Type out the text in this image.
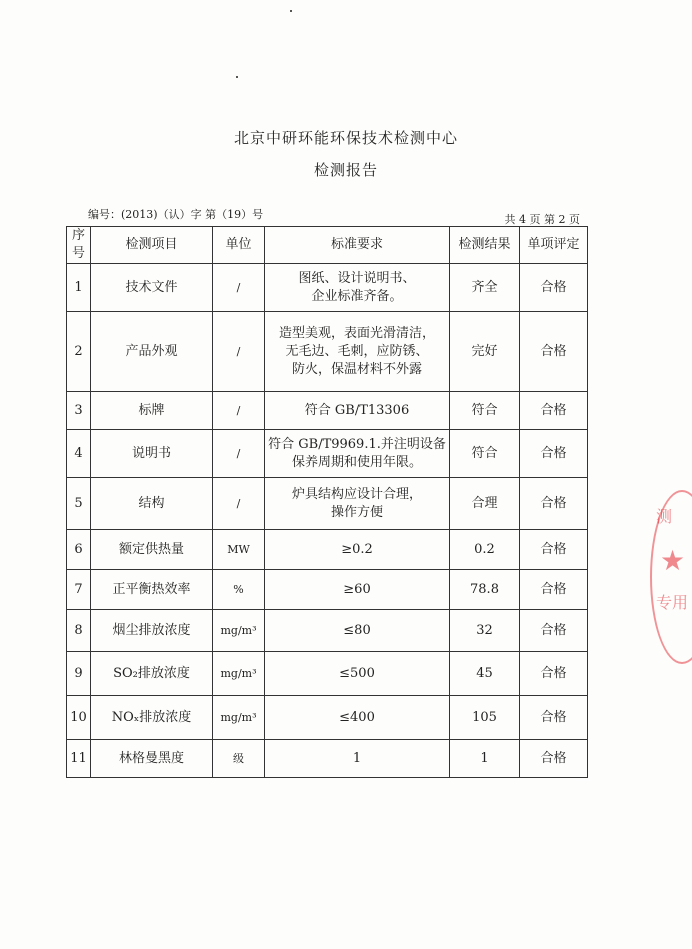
北京中研环能环保技术检测中心
检测报告
编号：(2013)（认）字 第（19）号	共 4 页 第 2 页
序号	检测项目	单位	标准要求	检测结果	单项评定
1	技术文件	/	图纸、设计说明书、
企业标准齐备。	齐全	合格
2	产品外观	/	造型美观，表面光滑清洁，
无毛边、毛刺，应防锈、
防火，保温材料不外露	完好	合格
3	标牌	/	符合 GB/T13306	符合	合格
4	说明书	/	符合 GB/T9969.1.并注明设备
保养周期和使用年限。	符合	合格
5	结构	/	炉具结构应设计合理，
操作方便	合理	合格
6	额定供热量	MW	≥0.2	0.2	合格
7	正平衡热效率	%	≥60	78.8	合格
8	烟尘排放浓度	mg/m³	≤80	32	合格
9	SO₂排放浓度	mg/m³	≤500	45	合格
10	NOₓ排放浓度	mg/m³	≤400	105	合格
11	林格曼黑度	级	1	1	合格
测
★
专用
